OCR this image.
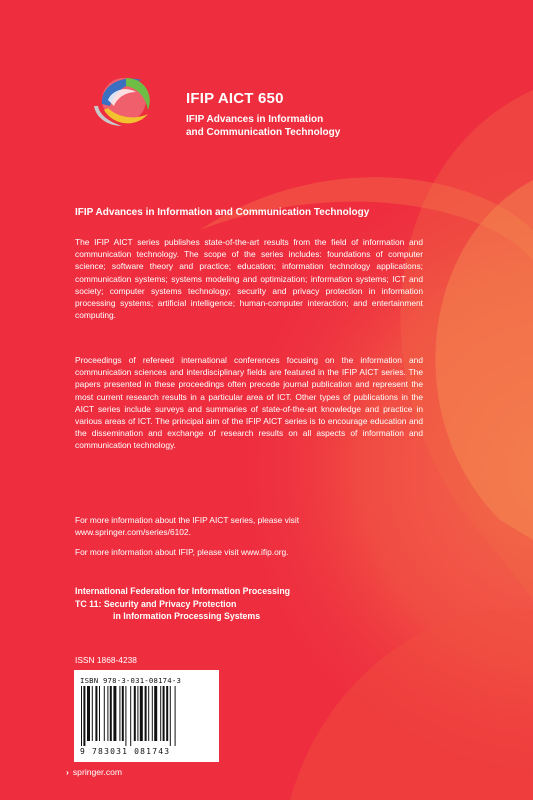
IFIP AICT 650
IFIP Advances in Information
and Communication Technology
IFIP Advances in Information and Communication Technology
The IFIP AICT series publishes state-of-the-art results from the field of information and communication technology. The scope of the series includes: foundations of computer science; software theory and practice; education; information technology applications; communication systems; systems modeling and optimization; information systems; ICT and society; computer systems technology; security and privacy protection in information processing systems; artificial intelligence; human-computer interaction; and entertainment computing.
Proceedings of refereed international conferences focusing on the information and communication sciences and interdisciplinary fields are featured in the IFIP AICT series. The papers presented in these proceedings often precede journal publication and represent the most current research results in a particular area of ICT. Other types of publications in the AICT series include surveys and summaries of state-of-the-art knowledge and practice in various areas of ICT. The principal aim of the IFIP AICT series is to encourage education and the dissemination and exchange of research results on all aspects of information and communication technology.
For more information about the IFIP AICT series, please visit
www.springer.com/series/6102.
For more information about IFIP, please visit www.ifip.org.
International Federation for Information Processing
TC 11: Security and Privacy Protection
in Information Processing Systems
ISSN 1868-4238
ISBN 978-3-031-08174-3
9 783031 081743
› springer.com
